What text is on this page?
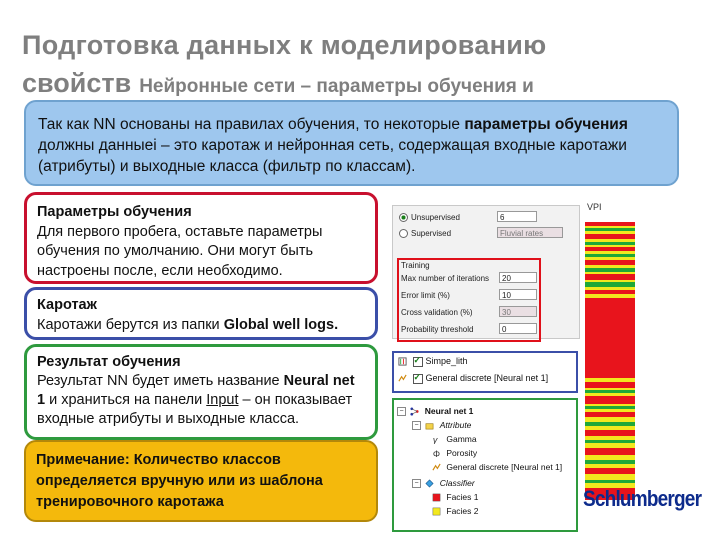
Подготовка данных к моделированию
свойств Нейронные сети – параметры обучения и
Так как NN основаны на правилах обучения, то некоторые параметры обучения должны данныеі – это каротаж и нейронная сеть, содержащая входные каротажи (атрибуты) и выходные класса (фильтр по классам).
Параметры обучения
Для первого пробега, оставьте параметры обучения по умолчанию. Они могут быть настроены после, если необходимо.
Каротаж
Каротажи берутся из папки Global well logs.
Результат обучения
Результат NN будет иметь название Neural net 1 и храниться на панели Input – он показывает входные атрибуты и выходные класса.
Примечание: Количество классов определяется вручную или из шаблона тренировочного каротажа
Unsupervised	6
Supervised	Fluvial rates
Training
Max number of iterations	20
Error limit (%)	10
Cross validation (%)	30
Probability threshold	0
✓Simpe_lith
✓General discrete [Neural net 1]
− Neural net 1
− Attribute
γ Gamma
Φ Porosity
General discrete [Neural net 1]
− Classifier
Facies 1
Facies 2
VPI
Schlumberger
